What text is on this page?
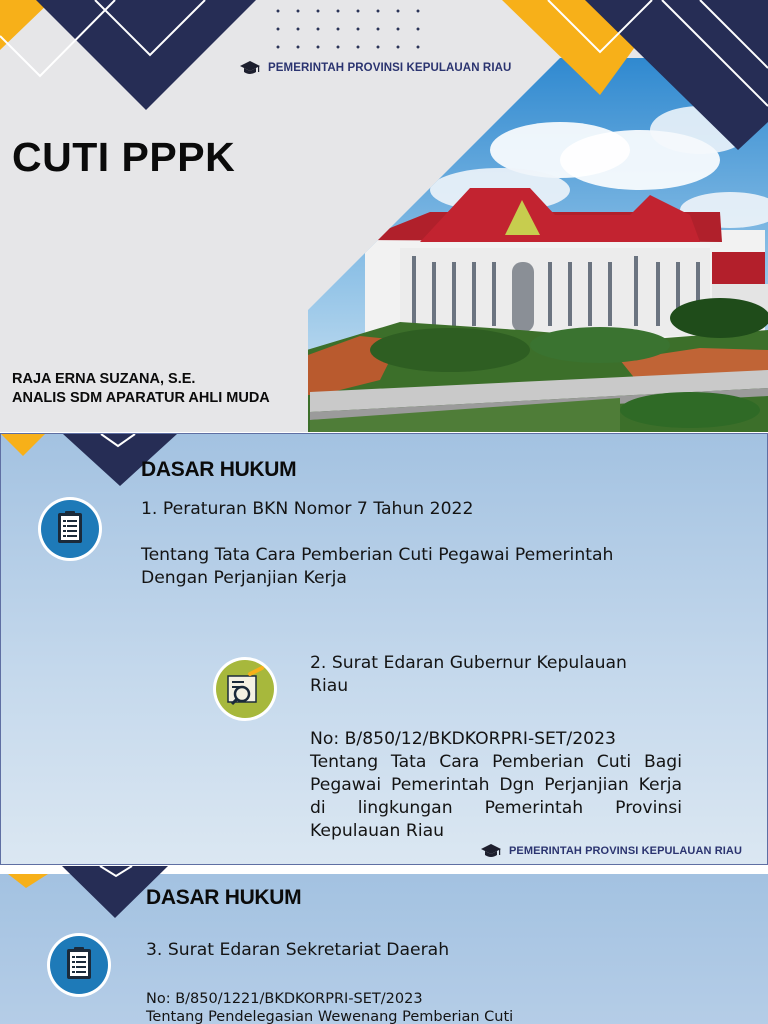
PEMERINTAH PROVINSI KEPULAUAN RIAU
CUTI PPPK
RAJA ERNA SUZANA, S.E.
ANALIS SDM APARATUR AHLI MUDA
DASAR HUKUM
1. Peraturan BKN Nomor 7 Tahun 2022
Tentang Tata Cara Pemberian Cuti Pegawai Pemerintah
Dengan Perjanjian Kerja
2. Surat Edaran Gubernur Kepulauan
Riau
No: B/850/12/BKDKORPRI-SET/2023
Tentang Tata Cara Pemberian Cuti Bagi
Pegawai Pemerintah Dgn Perjanjian Kerja
di lingkungan Pemerintah Provinsi
Kepulauan Riau
PEMERINTAH PROVINSI KEPULAUAN RIAU
DASAR HUKUM
3. Surat Edaran Sekretariat Daerah
No: B/850/1221/BKDKORPRI-SET/2023
Tentang Pendelegasian Wewenang Pemberian Cuti
